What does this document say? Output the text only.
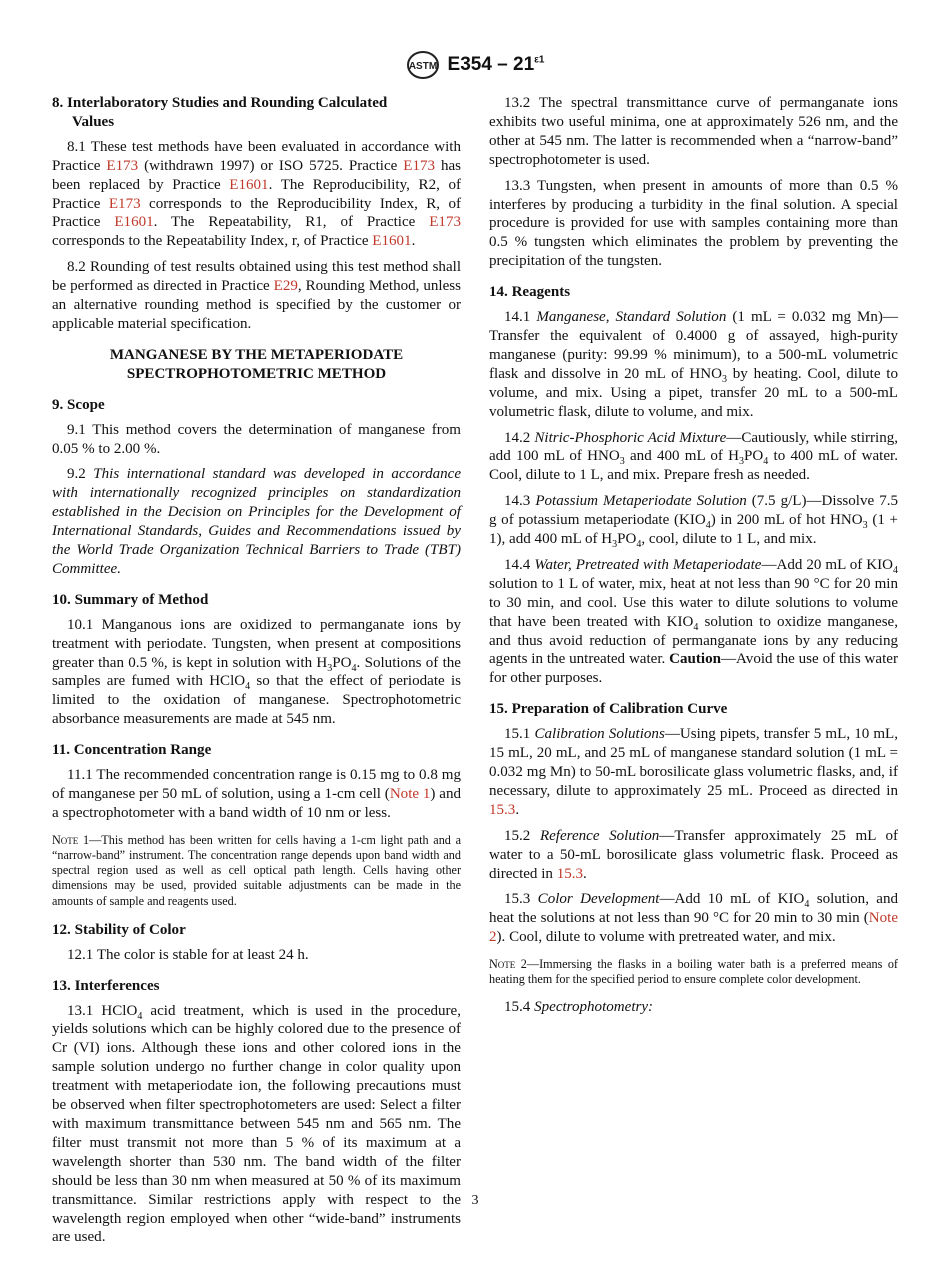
ASTM $E354 - 21^{\varepsilon 1}$
8. Interlaboratory Studies and Rounding Calculated
Values

8.1 These test methods have been evaluated in accordance with Practice E173 (withdrawn 1997) or ISO 5725. Practice E173 has been replaced by Practice E1601. The Reproducibility, R2, of Practice E173 corresponds to the Reproducibility Index, R, of Practice E1601. The Repeatability, R1, of Practice E173 corresponds to the Repeatability Index, r, of Practice E1601.

8.2 Rounding of test results obtained using this test method shall be performed as directed in Practice E29, Rounding Method, unless an alternative rounding method is specified by the customer or applicable material specification.

MANGANESE BY THE METAPERIODATE
SPECTROPHOTOMETRIC METHOD
9. Scope

9.1 This method covers the determination of manganese from 0.05 % to 2.00 %.

9.2 This international standard was developed in accordance with internationally recognized principles on standardization established in the Decision on Principles for the Development of International Standards, Guides and Recommendations issued by the World Trade Organization Technical Barriers to Trade (TBT) Committee.

10. Summary of Method

10.1 Manganous ions are oxidized to permanganate ions by treatment with periodate. Tungsten, when present at compositions greater than 0.5 %, is kept in solution with $H_3PO_4$. Solutions of the samples are fumed with HClO$_4$ so that the effect of periodate is limited to the oxidation of manganese. Spectrophotometric absorbance measurements are made at 545 nm.

11. Concentration Range

11.1 The recommended concentration range is 0.15 mg to 0.8 mg of manganese per 50 mL of solution, using a 1-cm cell (Note 1) and a spectrophotometer with a band width of 10 nm or less.

Note 1—This method has been written for cells having a 1-cm light path and a “narrow-band” instrument. The concentration range depends upon band width and spectral region used as well as cell optical path length. Cells having other dimensions may be used, provided suitable adjustments can be made in the amounts of sample and reagents used.

12. Stability of Color

12.1 The color is stable for at least 24 h.

13. Interferences

13.1 HClO$_4$ acid treatment, which is used in the procedure, yields solutions which can be highly colored due to the presence of Cr (VI) ions. Although these ions and other colored ions in the sample solution undergo no further change in color quality upon treatment with metaperiodate ion, the following precautions must be observed when filter spectrophotometers are used: Select a filter with maximum transmittance between 545 nm and 565 nm. The filter must transmit not more than 5 % of its maximum at a wavelength shorter than 530 nm. The band width of the filter should be less than 30 nm when measured at 50 % of its maximum transmittance. Similar restrictions apply with respect to the wavelength region employed when other “wide-band” instruments are used.

13.2 The spectral transmittance curve of permanganate ions exhibits two useful minima, one at approximately 526 nm, and the other at 545 nm. The latter is recommended when a “narrow-band” spectrophotometer is used.

13.3 Tungsten, when present in amounts of more than 0.5 % interferes by producing a turbidity in the final solution. A special procedure is provided for use with samples containing more than 0.5 % tungsten which eliminates the problem by preventing the precipitation of the tungsten.

14. Reagents

14.1 Manganese, Standard Solution (1 mL = 0.032 mg Mn)—Transfer the equivalent of 0.4000 g of assayed, high-purity manganese (purity: 99.99 % minimum), to a 500-mL volumetric flask and dissolve in 20 mL of $HNO_3$ by heating. Cool, dilute to volume, and mix. Using a pipet, transfer 20 mL to a 500-mL volumetric flask, dilute to volume, and mix.

14.2 Nitric-Phosphoric Acid Mixture—Cautiously, while stirring, add 100 mL of $HNO_3$ and 400 mL of $H_3PO_4$ to 400 mL of water. Cool, dilute to 1 L, and mix. Prepare fresh as needed.

14.3 Potassium Metaperiodate Solution (7.5 g/L)—Dissolve 7.5 g of potassium metaperiodate $(KIO_4)$ in 200 mL of hot $HNO_3$ (1 + 1), add 400 mL of $H_3PO_4$, cool, dilute to 1 L, and mix.

14.4 Water, Pretreated with Metaperiodate—Add 20 mL of $KIO_4$ solution to 1 L of water, mix, heat at not less than 90 °C for 20 min to 30 min, and cool. Use this water to dilute solutions to volume that have been treated with $KIO_4$ solution to oxidize manganese, and thus avoid reduction of permanganate ions by any reducing agents in the untreated water. Caution—Avoid the use of this water for other purposes.

15. Preparation of Calibration Curve

15.1 Calibration Solutions—Using pipets, transfer 5 mL, 10 mL, 15 mL, 20 mL, and 25 mL of manganese standard solution (1 mL = 0.032 mg Mn) to 50-mL borosilicate glass volumetric flasks, and, if necessary, dilute to approximately 25 mL. Proceed as directed in 15.3.

15.2 Reference Solution—Transfer approximately 25 mL of water to a 50-mL borosilicate glass volumetric flask. Proceed as directed in 15.3.

15.3 Color Development—Add 10 mL of $KIO_4$ solution, and heat the solutions at not less than 90 °C for 20 min to 30 min (Note 2). Cool, dilute to volume with pretreated water, and mix.

Note 2—Immersing the flasks in a boiling water bath is a preferred means of heating them for the specified period to ensure complete color development.

15.4 Spectrophotometry:

3
